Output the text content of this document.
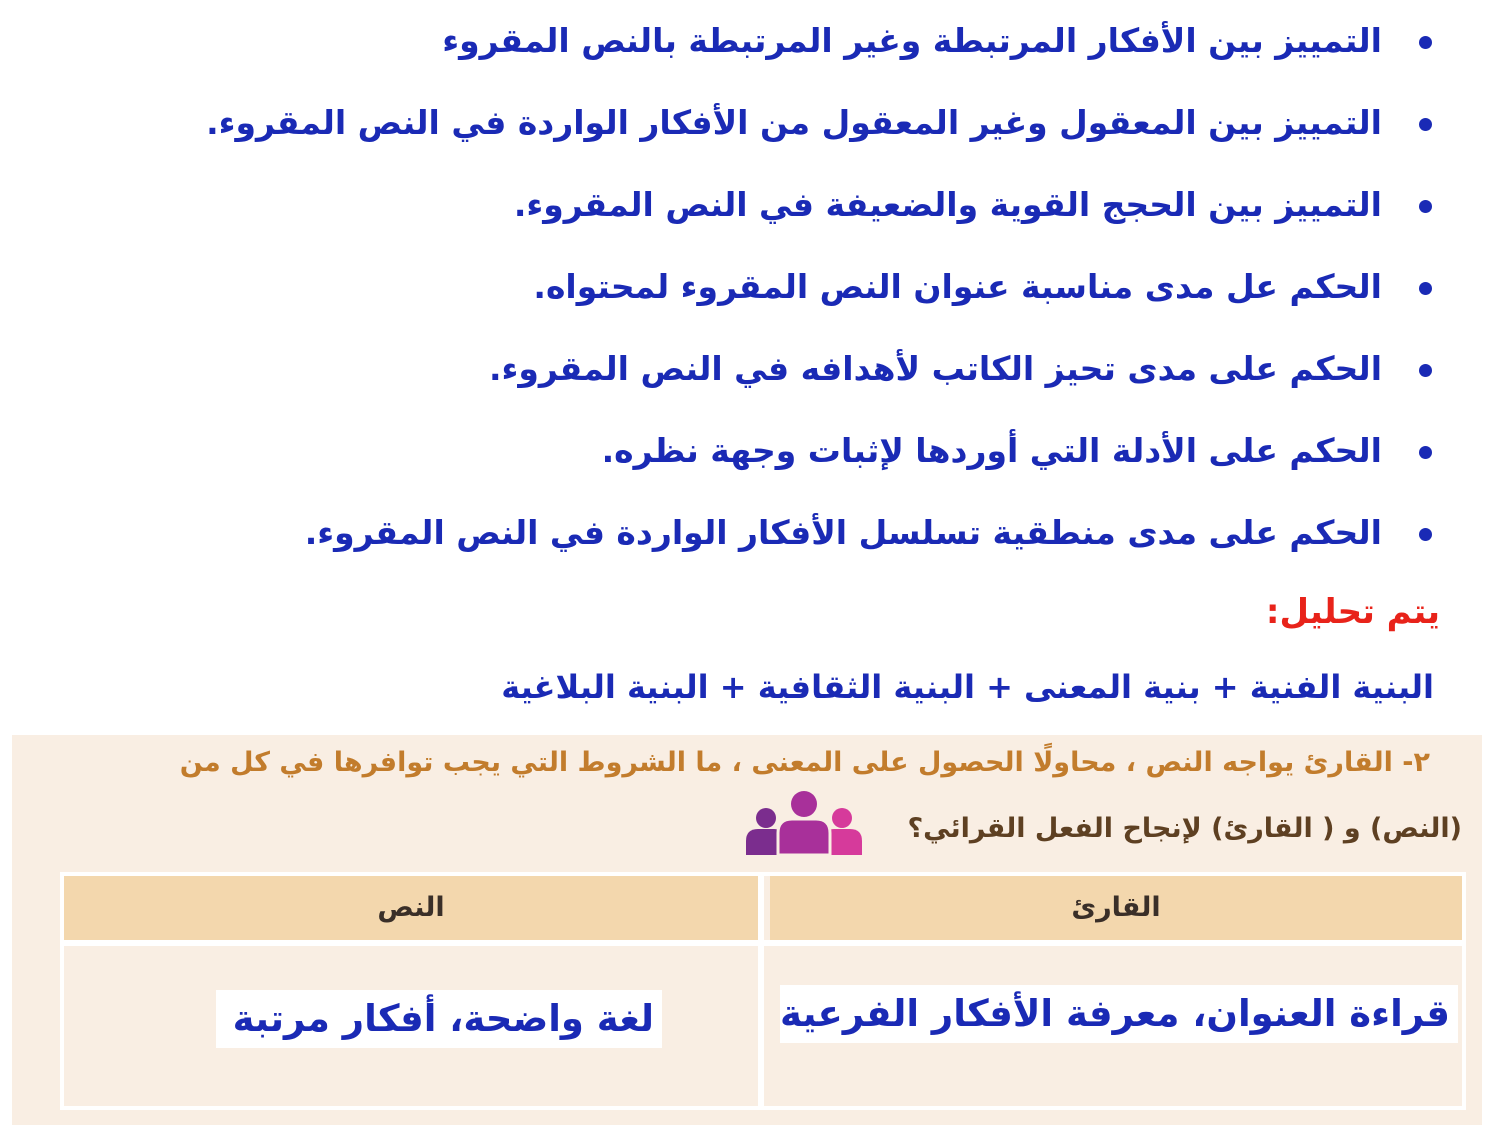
التمييز بين الأفكار المرتبطة وغير المرتبطة بالنص المقروء
التمييز بين المعقول وغير المعقول من الأفكار الواردة في النص المقروء.
التمييز بين الحجج القوية والضعيفة في النص المقروء.
الحكم عل مدى مناسبة عنوان النص المقروء لمحتواه.
الحكم على مدى تحيز الكاتب لأهدافه في النص المقروء.
الحكم على الأدلة التي أوردها لإثبات وجهة نظره.
الحكم على مدى منطقية تسلسل الأفكار الواردة في النص المقروء.
يتم تحليل:
البنية الفنية + بنية المعنى + البنية الثقافية + البنية البلاغية
٢- القارئ يواجه النص ، محاولًا الحصول على المعنى ، ما الشروط التي يجب توافرها في كل من
(النص) و ( القارئ) لإنجاح الفعل القرائي؟
القارئ
النص
قراءة العنوان، معرفة الأفكار الفرعية
لغة واضحة، أفكار مرتبة
